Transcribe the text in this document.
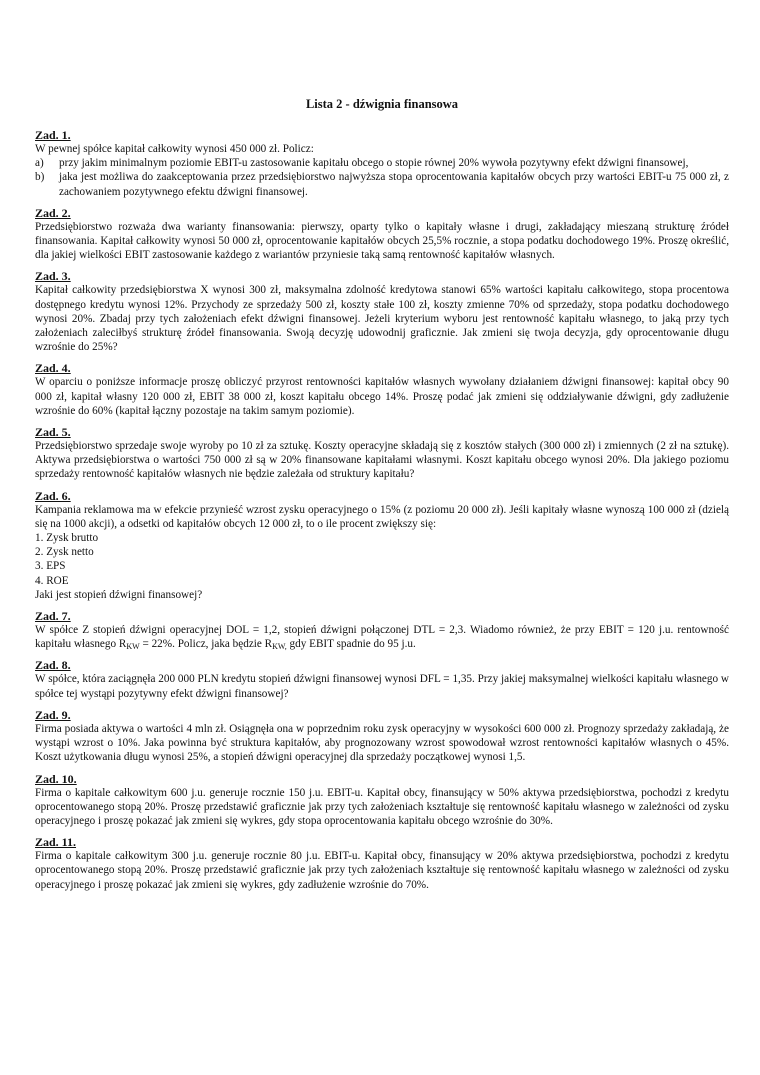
Lista 2 - dźwignia finansowa
Zad. 1.

W pewnej spółce kapitał całkowity wynosi 450 000 zł. Policz:

a) przy jakim minimalnym poziomie EBIT-u zastosowanie kapitału obcego o stopie równej 20% wywoła pozytywny efekt dźwigni finansowej,
b) jaka jest możliwa do zaakceptowania przez przedsiębiorstwo najwyższa stopa oprocentowania kapitałów obcych przy wartości EBIT-u 75 000 zł, z zachowaniem pozytywnego efektu dźwigni finansowej.
Zad. 2.

Przedsiębiorstwo rozważa dwa warianty finansowania: pierwszy, oparty tylko o kapitały własne i drugi, zakładający mieszaną strukturę źródeł finansowania. Kapitał całkowity wynosi 50 000 zł, oprocentowanie kapitałów obcych 25,5% rocznie, a stopa podatku dochodowego 19%. Proszę określić, dla jakiej wielkości EBIT zastosowanie każdego z wariantów przyniesie taką samą rentowność kapitałów własnych.

Zad. 3.

Kapitał całkowity przedsiębiorstwa X wynosi 300 zł, maksymalna zdolność kredytowa stanowi 65% wartości kapitału całkowitego, stopa procentowa dostępnego kredytu wynosi 12%. Przychody ze sprzedaży 500 zł, koszty stałe 100 zł, koszty zmienne 70% od sprzedaży, stopa podatku dochodowego wynosi 20%. Zbadaj przy tych założeniach efekt dźwigni finansowej. Jeżeli kryterium wyboru jest rentowność kapitału własnego, to jaką przy tych założeniach zaleciłbyś strukturę źródeł finansowania. Swoją decyzję udowodnij graficznie. Jak zmieni się twoja decyzja, gdy oprocentowanie długu wzrośnie do 25%?

Zad. 4.

W oparciu o poniższe informacje proszę obliczyć przyrost rentowności kapitałów własnych wywołany działaniem dźwigni finansowej: kapitał obcy 90 000 zł, kapitał własny 120 000 zł, EBIT 38 000 zł, koszt kapitału obcego 14%. Proszę podać jak zmieni się oddziaływanie dźwigni, gdy zadłużenie wzrośnie do 60% (kapitał łączny pozostaje na takim samym poziomie).

Zad. 5.

Przedsiębiorstwo sprzedaje swoje wyroby po 10 zł za sztukę. Koszty operacyjne składają się z kosztów stałych (300 000 zł) i zmiennych (2 zł na sztukę). Aktywa przedsiębiorstwa o wartości 750 000 zł są w 20% finansowane kapitałami własnymi. Koszt kapitału obcego wynosi 20%. Dla jakiego poziomu sprzedaży rentowność kapitałów własnych nie będzie zależała od struktury kapitału?

Zad. 6.

Kampania reklamowa ma w efekcie przynieść wzrost zysku operacyjnego o 15% (z poziomu 20 000 zł). Jeśli kapitały własne wynoszą 100 000 zł (dzielą się na 1000 akcji), a odsetki od kapitałów obcych 12 000 zł, to o ile procent zwiększy się:

1. Zysk brutto
2. Zysk netto
3. EPS
4. ROE
Jaki jest stopień dźwigni finansowej?
Zad. 7.

W spółce Z stopień dźwigni operacyjnej DOL = 1,2, stopień dźwigni połączonej DTL = 2,3. Wiadomo również, że przy EBIT = 120 j.u. rentowność kapitału własnego $R_{KW} = 22\%$. Policz, jaka będzie $R_{KW,}$ gdy EBIT spadnie do 95 j.u.

Zad. 8.

W spółce, która zaciągnęła 200 000 PLN kredytu stopień dźwigni finansowej wynosi DFL = 1,35. Przy jakiej maksymalnej wielkości kapitału własnego w spółce tej wystąpi pozytywny efekt dźwigni finansowej?

Zad. 9.

Firma posiada aktywa o wartości 4 mln zł. Osiągnęła ona w poprzednim roku zysk operacyjny w wysokości 600 000 zł. Prognozy sprzedaży zakładają, że wystąpi wzrost o 10%. Jaka powinna być struktura kapitałów, aby prognozowany wzrost spowodował wzrost rentowności kapitałów własnych o 45%. Koszt użytkowania długu wynosi 25%, a stopień dźwigni operacyjnej dla sprzedaży początkowej wynosi 1,5.

Zad. 10.

Firma o kapitale całkowitym 600 j.u. generuje rocznie 150 j.u. EBIT-u. Kapitał obcy, finansujący w 50% aktywa przedsiębiorstwa, pochodzi z kredytu oprocentowanego stopą 20%. Proszę przedstawić graficznie jak przy tych założeniach kształtuje się rentowność kapitału własnego w zależności od zysku operacyjnego i proszę pokazać jak zmieni się wykres, gdy stopa oprocentowania kapitału obcego wzrośnie do 30%.

Zad. 11.

Firma o kapitale całkowitym 300 j.u. generuje rocznie 80 j.u. EBIT-u. Kapitał obcy, finansujący w 20% aktywa przedsiębiorstwa, pochodzi z kredytu oprocentowanego stopą 20%. Proszę przedstawić graficznie jak przy tych założeniach kształtuje się rentowność kapitału własnego w zależności od zysku operacyjnego i proszę pokazać jak zmieni się wykres, gdy zadłużenie wzrośnie do 70%.
